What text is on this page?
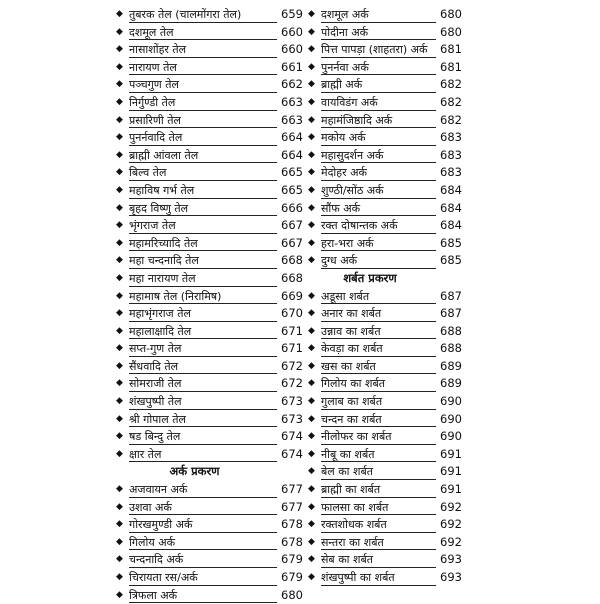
◆ तुबरक तेल (चालमोंगरा तेल)	659
◆ दशमूल तेल	660
◆ नासाशोंहर तेल	660
◆ नारायण तेल	661
◆ पञ्चगुण तेल	662
◆ निर्गुण्डी तेल	663
◆ प्रसारिणी तेल	663
◆ पुनर्नवादि तेल	664
◆ ब्राह्मी आंवला तेल	664
◆ बिल्व तेल	665
◆ महाविष गर्भ तेल	665
◆ बृहद विष्णु तेल	666
◆ भृंगराज तेल	667
◆ महामरिच्यादि तेल	667
◆ महा चन्दनादि तेल	668
◆ महा नारायण तेल	668
◆ महामाष तेल (निरामिष)	669
◆ महाभृंगराज तेल	670
◆ महालाक्षादि तेल	671
◆ सप्त-गुण तेल	671
◆ सैंधवादि तेल	672
◆ सोमराजी तेल	672
◆ शंखपुष्पी तेल	673
◆ श्री गोपाल तेल	673
◆ षड बिन्दु तेल	674
◆ क्षार तेल	674
अर्क प्रकरण
◆ अजवायन अर्क	677
◆ उशवा अर्क	677
◆ गोरखमुण्डी अर्क	678
◆ गिलोय अर्क	678
◆ चन्दनादि अर्क	679
◆ चिरायता रस/अर्क	679
◆ त्रिफला अर्क	680
◆ दशमूल अर्क	680
◆ पोदीना अर्क	680
◆ पित्त पापड़ा (शाहतरा) अर्क	681
◆ पुनर्नवा अर्क	681
◆ ब्राह्मी अर्क	682
◆ वायविडंग अर्क	682
◆ महामंजिष्ठादि अर्क	682
◆ मकोय अर्क	683
◆ महासुदर्शन अर्क	683
◆ मेदोहर अर्क	683
◆ शुण्ठी/सोंठ अर्क	684
◆ सौंफ अर्क	684
◆ रक्त दोषान्तक अर्क	684
◆ हरा-भरा अर्क	685
◆ दुग्ध अर्क	685
शर्बत प्रकरण
◆ अडूसा शर्बत	687
◆ अनार का शर्बत	687
◆ उन्नाव का शर्बत	688
◆ केवड़ा का शर्बत	688
◆ खस का शर्बत	689
◆ गिलोय का शर्बत	689
◆ गुलाब का शर्बत	690
◆ चन्दन का शर्बत	690
◆ नीलोफर का शर्बत	690
◆ नीबू का शर्बत	691
◆ बेल का शर्बत	691
◆ ब्राह्मी का शर्बत	691
◆ फालसा का शर्बत	692
◆ रक्तशोधक शर्बत	692
◆ सन्तरा का शर्बत	692
◆ सेब का शर्बत	693
◆ शंखपुष्पी का शर्बत	693
